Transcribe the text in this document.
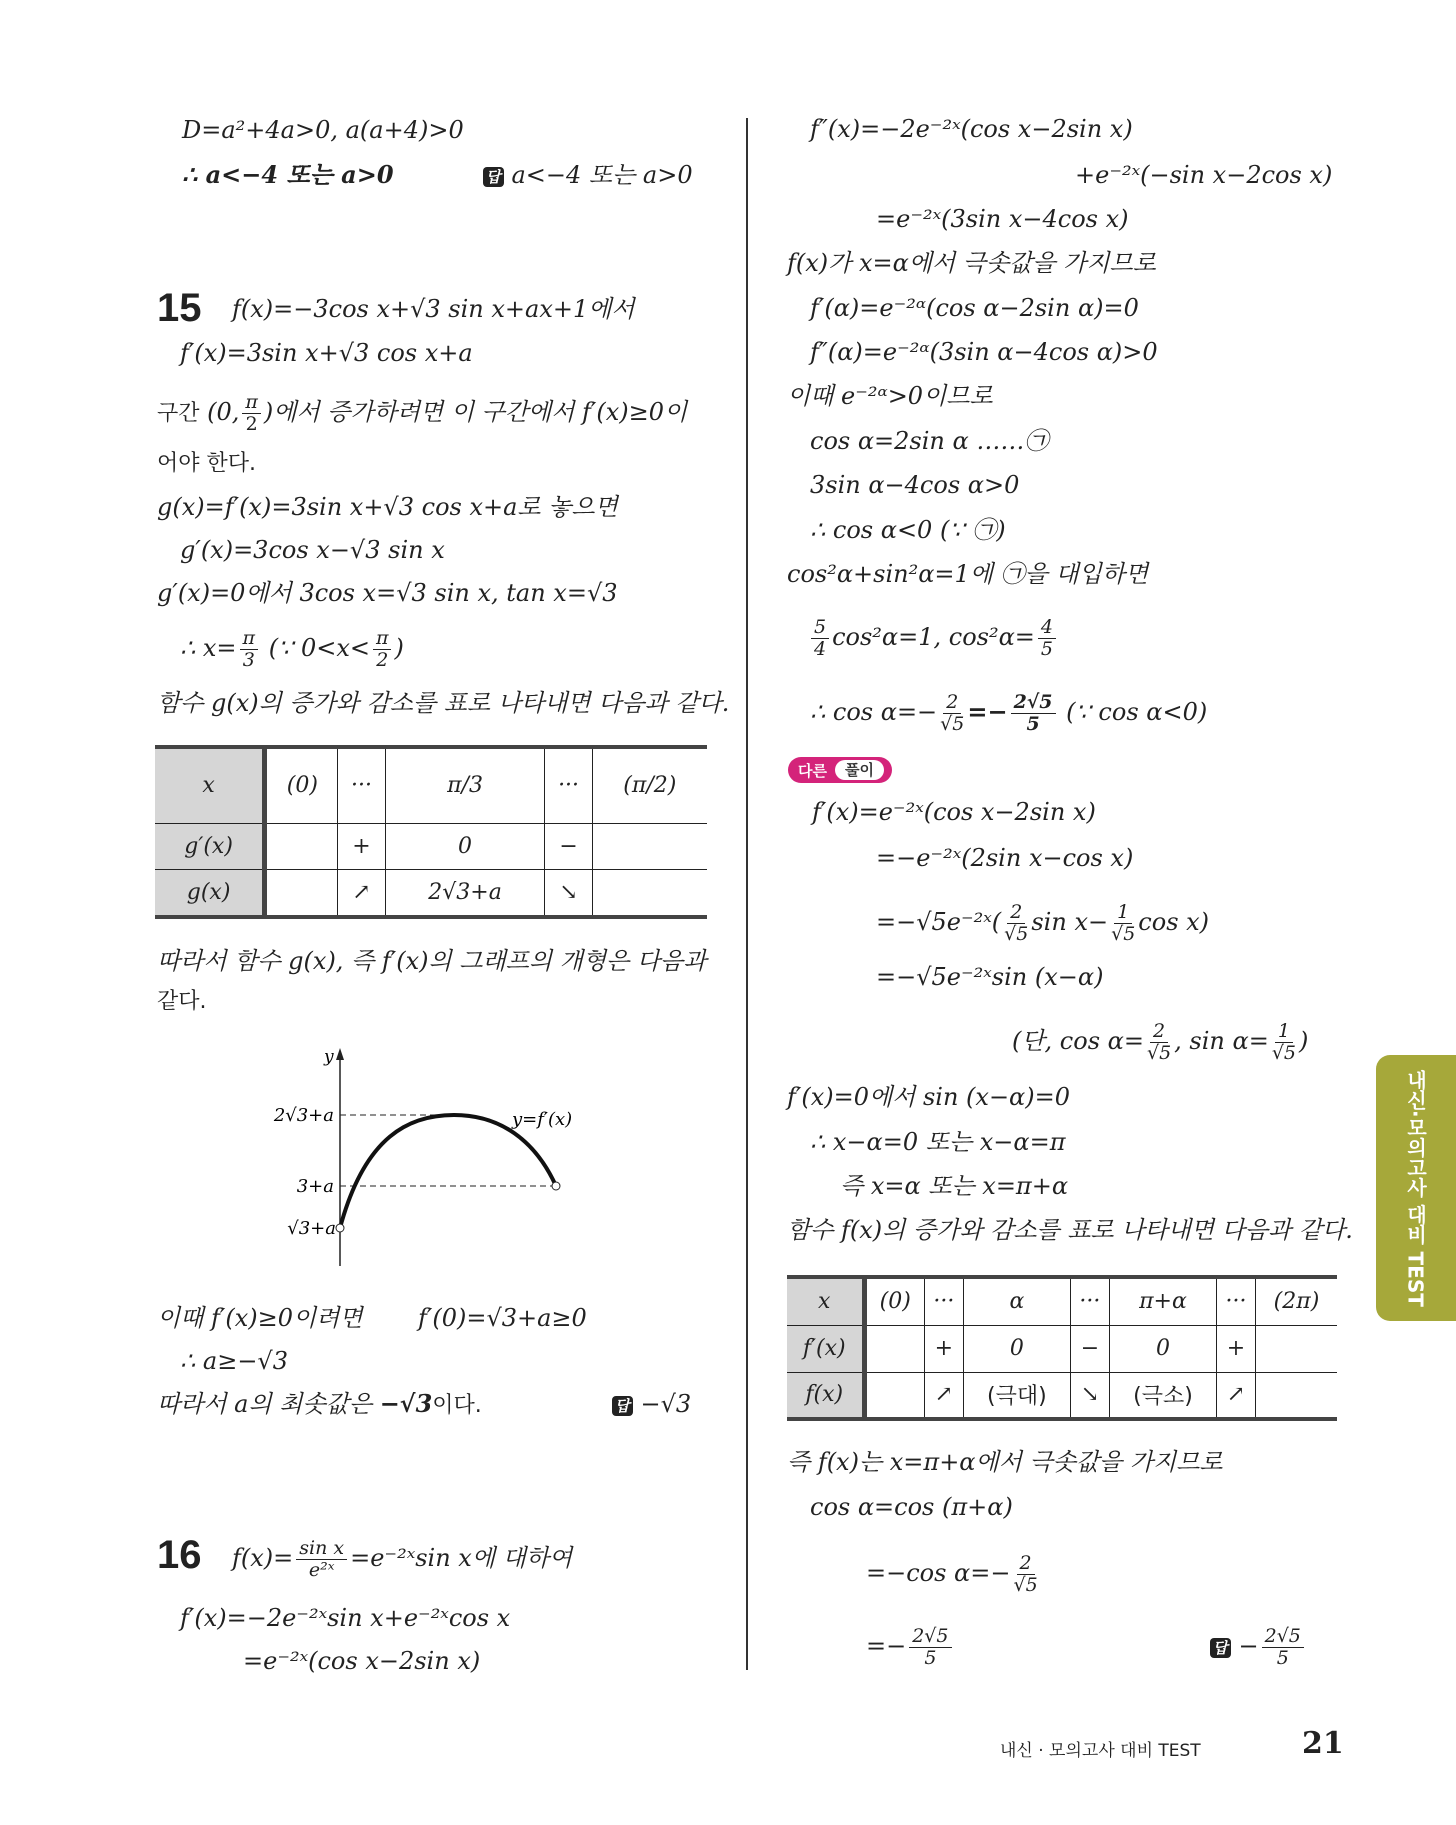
D=a²+4a>0, a(a+4)>0
∴ a<−4 또는 a>0	답 a<−4 또는 a>0
15 f(x)=−3cos x+√3 sin x+ax+1에서
f′(x)=3sin x+√3 cos x+a
구간 (0, $\frac{\pi}{2}$ )에서 증가하려면 이 구간에서 f′(x)≥0이
어야 한다.
g(x)=f′(x)=3sin x+√3 cos x+a로 놓으면
g′(x)=3cos x−√3 sin x
g′(x)=0에서 3cos x=√3 sin x, tan x=√3
∴ $x= \frac{\pi}{3}$ (∵ $0<x< \frac{\pi}{2}$ )
함수 g(x)의 증가와 감소를 표로 나타내면 다음과 같다.
x	(0)	···	π/3	···	(π/2)
g′(x)		+	0	−	
g(x)		↗	2√3+a	↘	
따라서 함수 g(x), 즉 f′(x)의 그래프의 개형은 다음과
같다.
y
2√3+a
3+a
√3+a
y=f′(x)
이때 f′(x)≥0이려면 f′(0)=√3+a≥0
∴ a≥−√3
따라서 a의 최솟값은 −√3이다.	답 −√3
16 $f(x)= \frac{\text{sin x}}{\text{e²ˣ}}$ =e⁻²ˣsin x에 대하여
f′(x)=−2e⁻²ˣsin x+e⁻²ˣcos x
=e⁻²ˣ(cos x−2sin x)
f″(x)=−2e⁻²ˣ(cos x−2sin x)
+e⁻²ˣ(−sin x−2cos x)
=e⁻²ˣ(3sin x−4cos x)
f(x)가 x=α에서 극솟값을 가지므로
f′(α)=e⁻²ᵅ(cos α−2sin α)=0
f″(α)=e⁻²ᵅ(3sin α−4cos α)>0
이때 e⁻²ᵅ>0이므로
cos α=2sin α ……㉠
3sin α−4cos α>0
∴ cos α<0 (∵ ㉠)
cos²α+sin²α=1에 ㉠을 대입하면
$\frac{5}{4} \cos^2\alpha=1$, $\cos^2\alpha= \frac{4}{5}$
∴ $\cos \alpha=- \frac{2}{√5} =- \frac{2√5}{5}$ (∵ cos α<0)
다른	풀이
f′(x)=e⁻²ˣ(cos x−2sin x)
=−e⁻²ˣ(2sin x−cos x)
=−√5e⁻²ˣ( $\frac{2}{√5}$ $\sin x- \frac{1}{√5}$ cos x)
=−√5e⁻²ˣsin (x−α)
(단, $\cos \alpha= \frac{2}{√5}$ , $\sin \alpha= \frac{1}{√5}$ )
f′(x)=0에서 sin (x−α)=0
∴ x−α=0 또는 x−α=π
즉 x=α 또는 x=π+α
함수 f(x)의 증가와 감소를 표로 나타내면 다음과 같다.
x	(0)	···	α	···	π+α	···	(2π)
f′(x)		+	0	−	0	+	
f(x)		↗	(극대)	↘	(극소)	↗	
즉 f(x)는 x=π+α에서 극솟값을 가지므로
cos α=cos (π+α)
=−cos $\alpha=- \frac{2}{√5}$
=− $\frac{2√5}{5}$	답 − $\frac{2√5}{5}$
내신·모의고사 대비 TEST
내신 · 모의고사 대비 TEST	21
